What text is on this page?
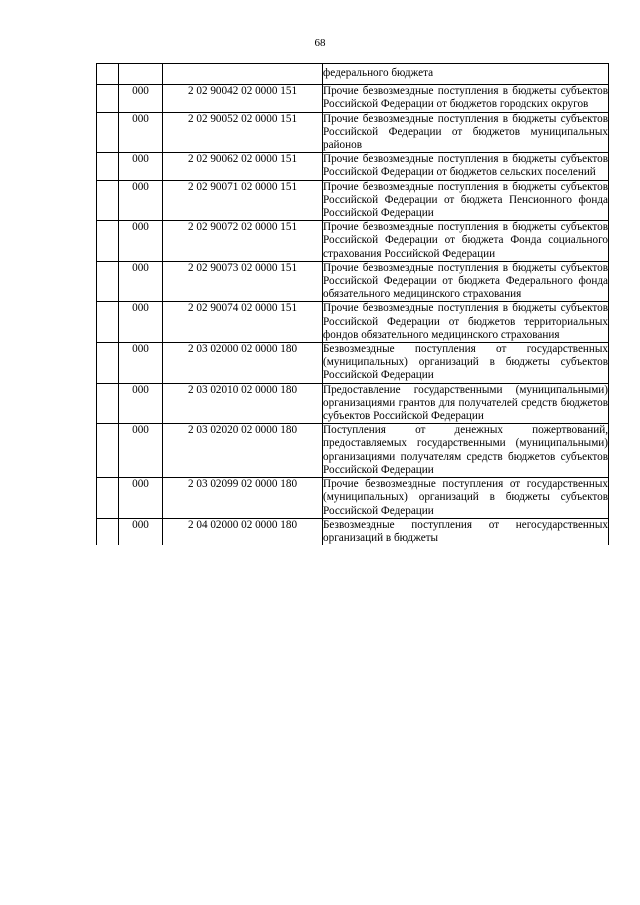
68

			федерального бюджета

	000	2 02 90042 02 0000 151	Прочие безвозмездные поступления в бюджеты субъектов Российской Федерации от бюджетов городских округов

	000	2 02 90052 02 0000 151	Прочие безвозмездные поступления в бюджеты субъектов Российской Федерации от бюджетов муниципальных районов

	000	2 02 90062 02 0000 151	Прочие безвозмездные поступления в бюджеты субъектов Российской Федерации от бюджетов сельских поселений

	000	2 02 90071 02 0000 151	Прочие безвозмездные поступления в бюджеты субъектов Российской Федерации от бюджета Пенсионного фонда Российской Федерации

	000	2 02 90072 02 0000 151	Прочие безвозмездные поступления в бюджеты субъектов Российской Федерации от бюджета Фонда социального страхования Российской Федерации

	000	2 02 90073 02 0000 151	Прочие безвозмездные поступления в бюджеты субъектов Российской Федерации от бюджета Федерального фонда обязательного медицинского страхования

	000	2 02 90074 02 0000 151	Прочие безвозмездные поступления в бюджеты субъектов Российской Федерации от бюджетов территориальных фондов обязательного медицинского страхования

	000	2 03 02000 02 0000 180	Безвозмездные поступления от государственных (муниципальных) организаций в бюджеты субъектов Российской Федерации

	000	2 03 02010 02 0000 180	Предоставление государственными (муниципальными) организациями грантов для получателей средств бюджетов субъектов Российской Федерации

	000	2 03 02020 02 0000 180	Поступления от денежных пожертвований, предоставляемых государственными (муниципальными) организациями получателям средств бюджетов субъектов Российской Федерации

	000	2 03 02099 02 0000 180	Прочие безвозмездные поступления от государственных (муниципальных) организаций в бюджеты субъектов Российской Федерации

	000	2 04 02000 02 0000 180	Безвозмездные поступления от негосударственных организаций в бюджеты
